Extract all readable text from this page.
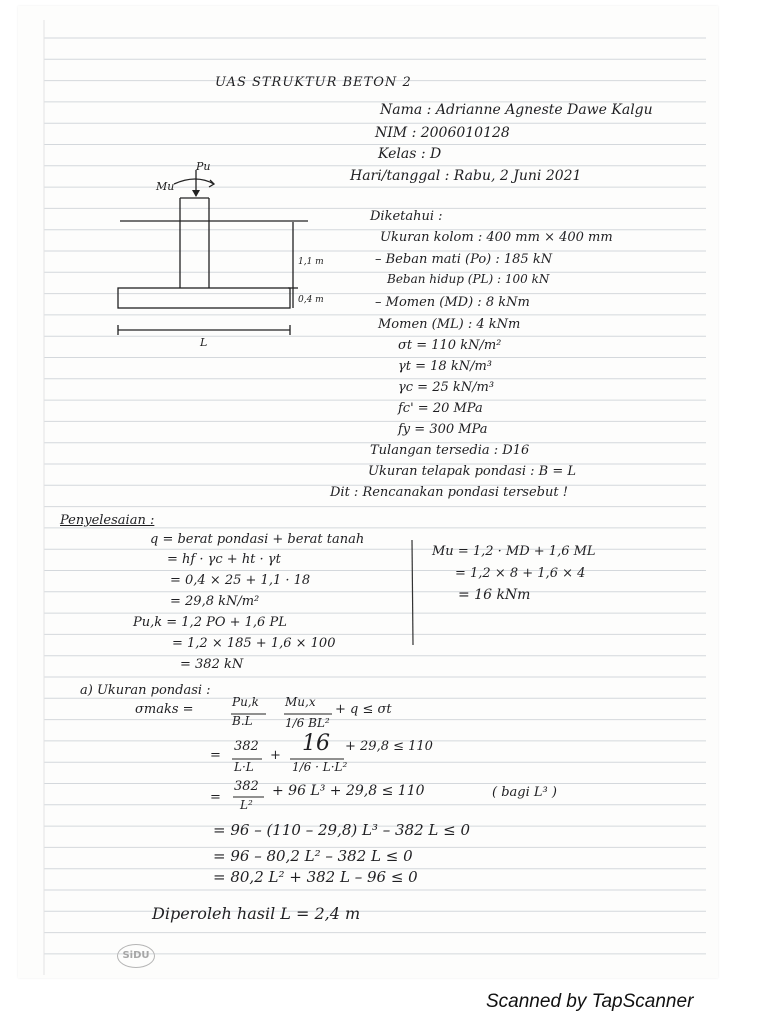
UAS STRUKTUR BETON 2
Nama : Adrianne Agneste Dawe Kalgu
NIM : 2006010128
Kelas : D
Hari/tanggal : Rabu, 2 Juni 2021
Pu
Mu
1,1 m
0,4 m
L
Diketahui :
Ukuran kolom : 400 mm × 400 mm
– Beban mati (Po) : 185 kN
Beban hidup (PL) : 100 kN
– Momen (MD) : 8 kNm
Momen (ML) : 4 kNm
σt = 110 kN/m²
γt = 18 kN/m³
γc = 25 kN/m³
fc' = 20 MPa
fy = 300 MPa
Tulangan tersedia : D16
Ukuran telapak pondasi : B = L
Dit : Rencanakan pondasi tersebut !
Penyelesaian :
q = berat pondasi + berat tanah
= hf · γc + ht · γt
= 0,4 × 25 + 1,1 · 18
= 29,8 kN/m²
Pu,k = 1,2 PO + 1,6 PL
= 1,2 × 185 + 1,6 × 100
= 382 kN
Mu = 1,2 · MD + 1,6 ML
= 1,2 × 8 + 1,6 × 4
= 16 kNm
a) Ukuran pondasi :
σmaks =	Pu,k
B.L
Mu,x
1/6 BL²
+ q ≤ σt
=
382
L·L
+ 16
1/6 · L·L²
+ 29,8 ≤ 110
=
382
L²
+ 96 L³ + 29,8 ≤ 110	( bagi L³ )
= 96 – (110 – 29,8) L³ – 382 L ≤ 0
= 96 – 80,2 L² – 382 L ≤ 0
= 80,2 L² + 382 L – 96 ≤ 0
Diperoleh hasil L = 2,4 m
SiDU
Scanned by TapScanner
